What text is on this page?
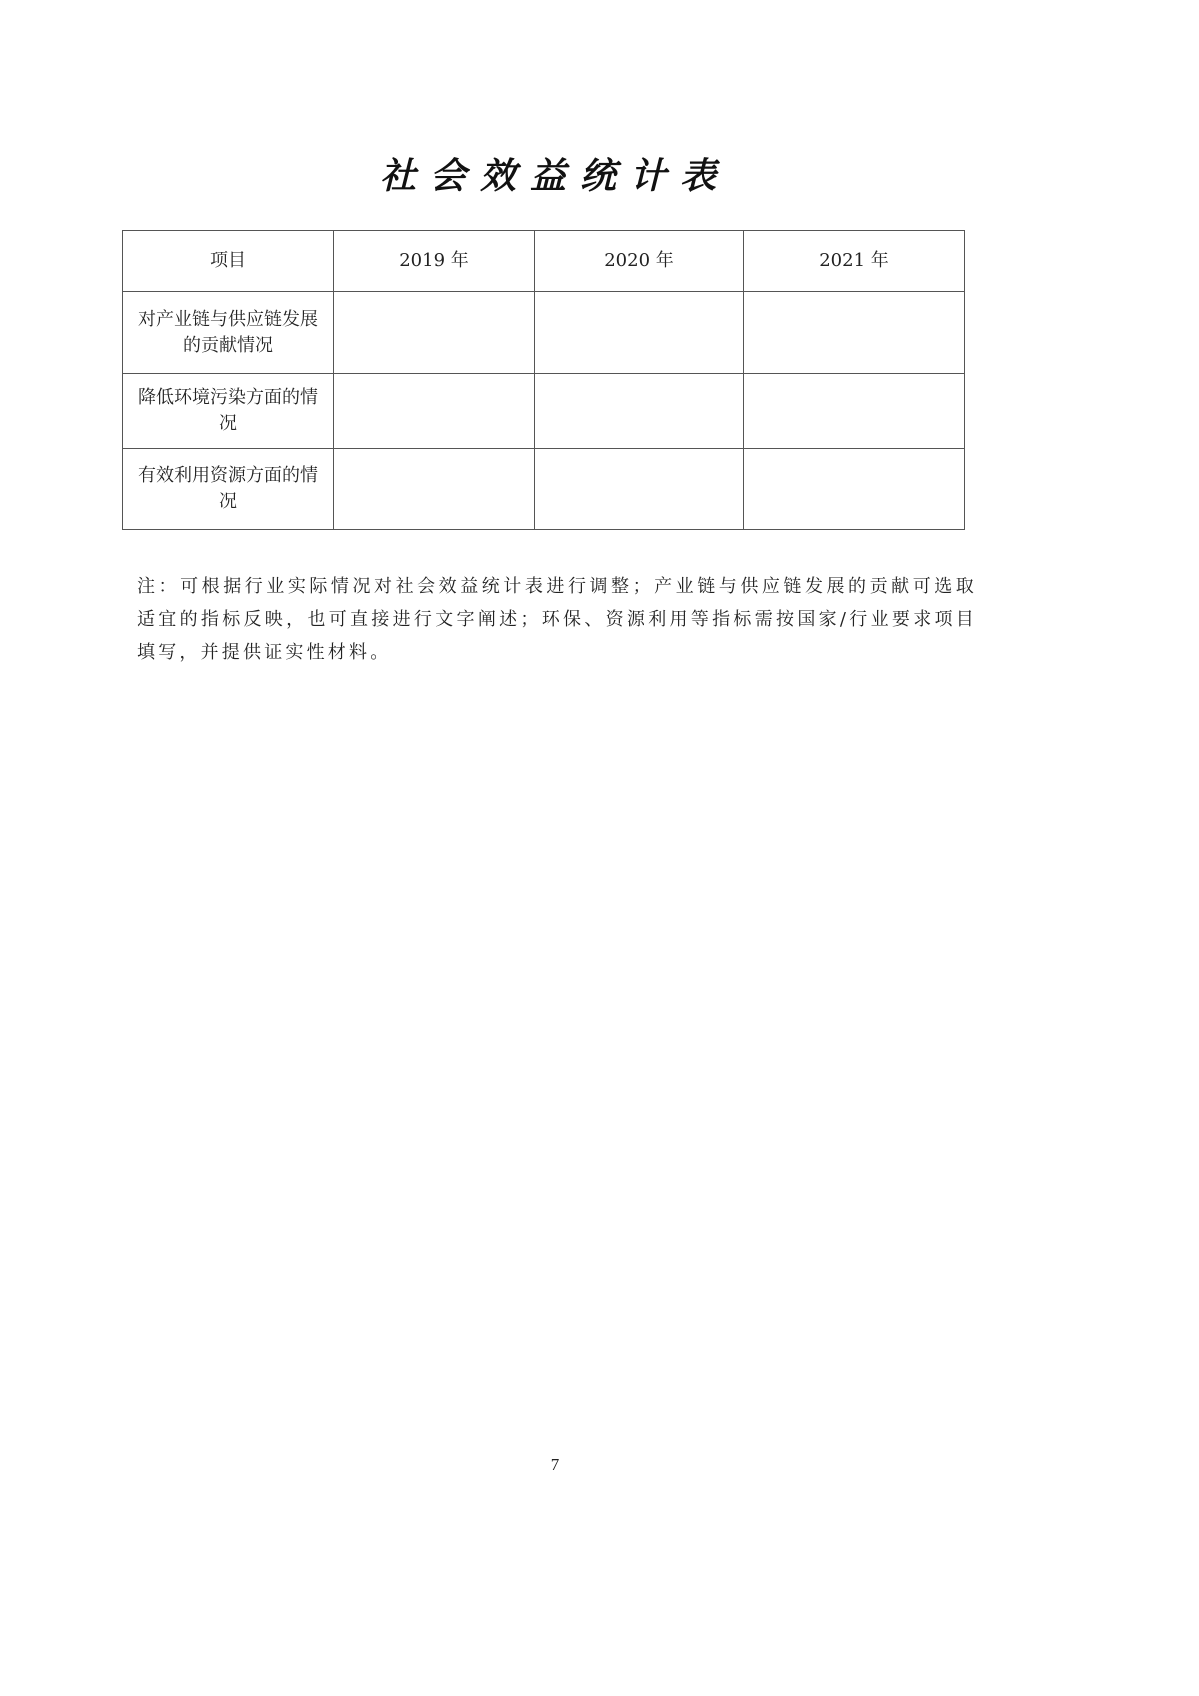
社会效益统计表
项目	2019 年	2020 年	2021 年
对产业链与供应链发展的贡献情况			
降低环境污染方面的情况			
有效利用资源方面的情况			
注：可根据行业实际情况对社会效益统计表进行调整；产业链与供应链发展的贡献可选取适宜的指标反映，也可直接进行文字阐述；环保、资源利用等指标需按国家/行业要求项目填写，并提供证实性材料。
7
